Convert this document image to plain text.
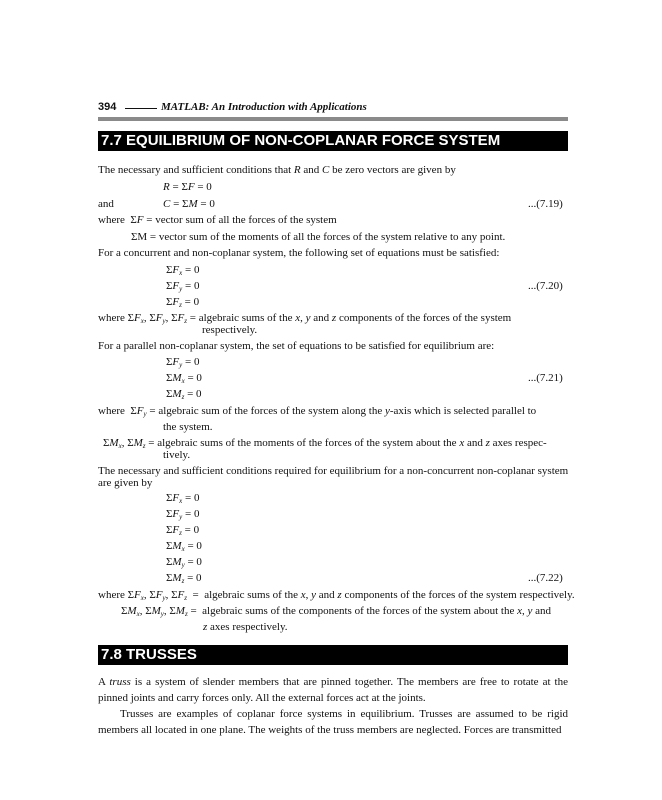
394	MATLAB: An Introduction with Applications
7.7 EQUILIBRIUM OF NON-COPLANAR FORCE SYSTEM
The necessary and sufficient conditions that R and C be zero vectors are given by
R = ΣF = 0
and	C = ΣM = 0	...(7.19)
where  ΣF = vector sum of all the forces of the system
ΣM = vector sum of the moments of all the forces of the system relative to any point.
For a concurrent and non-coplanar system, the following set of equations must be satisfied:
$\Sigma F_x = 0$
$\Sigma F_y = 0$	...(7.20)
$\Sigma F_z = 0$
where $\Sigma F_x$, $\Sigma F_y$, $\Sigma F_z$ = algebraic sums of the x, y and z components of the forces of the system
respectively.
For a parallel non-coplanar system, the set of equations to be satisfied for equilibrium are:
$\Sigma F_y = 0$
$\Sigma M_x = 0$	...(7.21)
$\Sigma M_z = 0$
where  $\Sigma F_y$ = algebraic sum of the forces of the system along the y-axis which is selected parallel to
the system.
$\Sigma M_x$, $\Sigma M_z$ = algebraic sums of the moments of the forces of the system about the x and z axes respec-
tively.
The necessary and sufficient conditions required for equilibrium for a non-concurrent non-coplanar system
are given by
$\Sigma F_x = 0$
$\Sigma F_y = 0$
$\Sigma F_z = 0$
$\Sigma M_x = 0$
$\Sigma M_y = 0$
$\Sigma M_z = 0$	...(7.22)
where $\Sigma F_x$, $\Sigma F_y$, $\Sigma F_z$  =  algebraic sums of the x, y and z components of the forces of the system respectively.
$\Sigma M_x$, $\Sigma M_y$, $\Sigma M_z$ =  algebraic sums of the components of the forces of the system about the x, y and
z axes respectively.
7.8 TRUSSES
A truss is a system of slender members that are pinned together. The members are free to rotate at the pinned joints and carry forces only. All the external forces act at the joints.
Trusses are examples of coplanar force systems in equilibrium. Trusses are assumed to be rigid members all located in one plane. The weights of the truss members are neglected. Forces are transmitted
